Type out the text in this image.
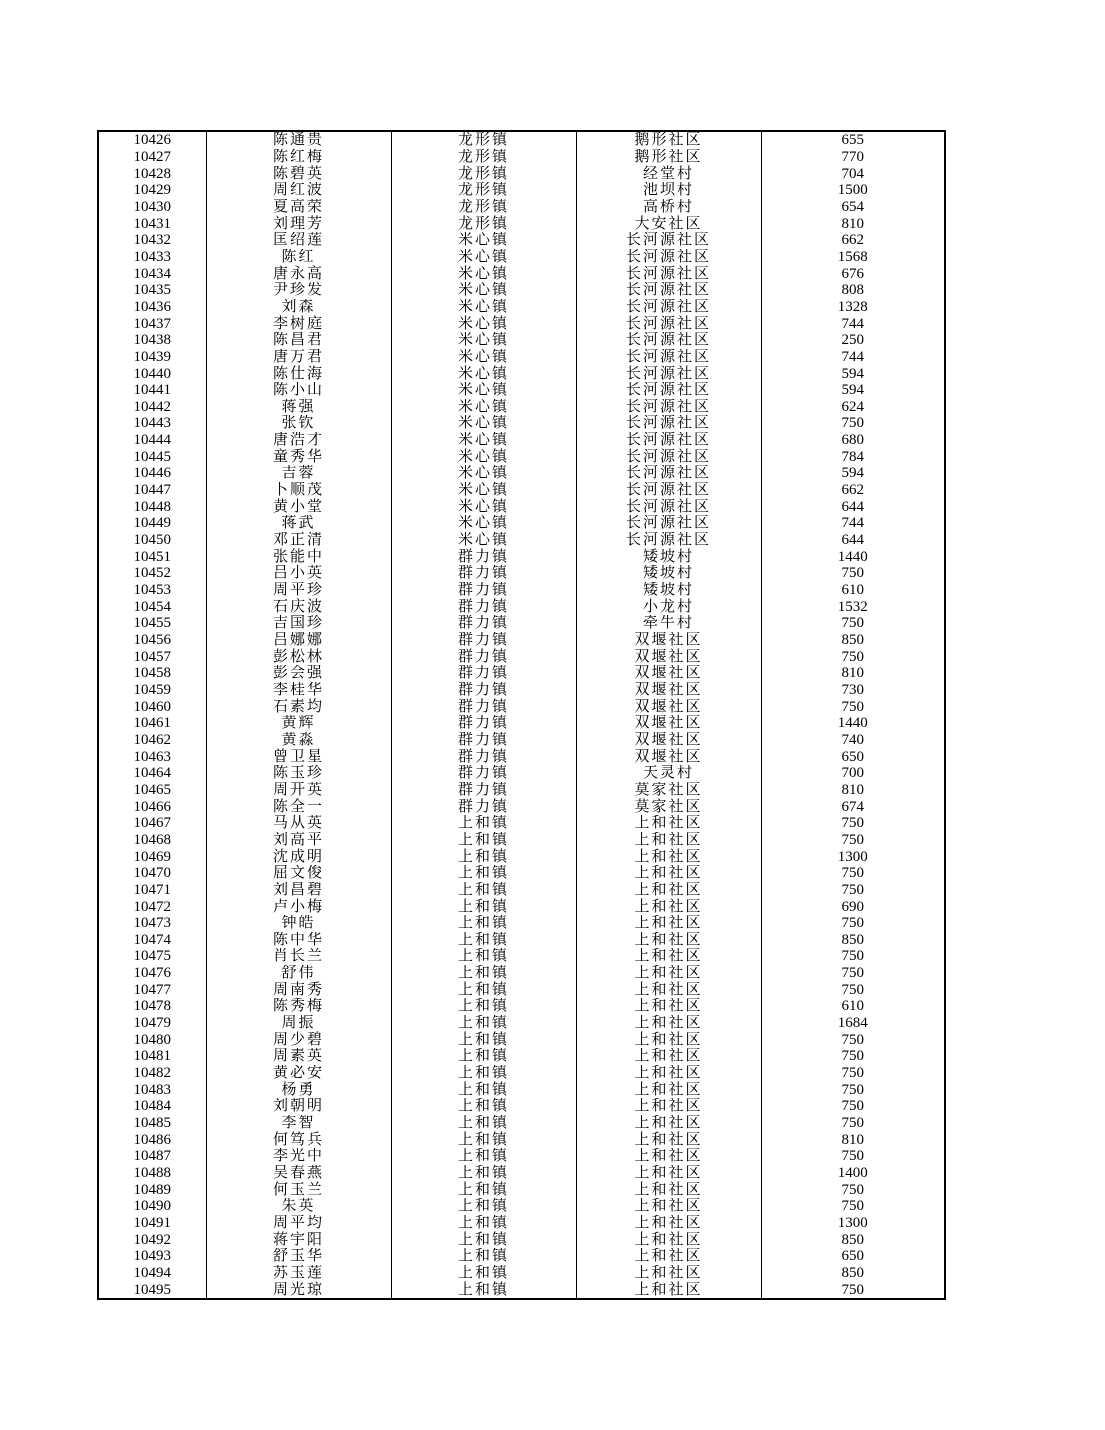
10426	陈通贵	龙形镇	鹅形社区	655
10427	陈红梅	龙形镇	鹅形社区	770
10428	陈碧英	龙形镇	经堂村	704
10429	周红波	龙形镇	池坝村	1500
10430	夏高荣	龙形镇	高桥村	654
10431	刘理芳	龙形镇	大安社区	810
10432	匡绍莲	米心镇	长河源社区	662
10433	陈红	米心镇	长河源社区	1568
10434	唐永高	米心镇	长河源社区	676
10435	尹珍发	米心镇	长河源社区	808
10436	刘森	米心镇	长河源社区	1328
10437	李树庭	米心镇	长河源社区	744
10438	陈昌君	米心镇	长河源社区	250
10439	唐万君	米心镇	长河源社区	744
10440	陈仕海	米心镇	长河源社区	594
10441	陈小山	米心镇	长河源社区	594
10442	蒋强	米心镇	长河源社区	624
10443	张钦	米心镇	长河源社区	750
10444	唐浩才	米心镇	长河源社区	680
10445	童秀华	米心镇	长河源社区	784
10446	吉蓉	米心镇	长河源社区	594
10447	卜顺茂	米心镇	长河源社区	662
10448	黄小堂	米心镇	长河源社区	644
10449	蒋武	米心镇	长河源社区	744
10450	邓正清	米心镇	长河源社区	644
10451	张能中	群力镇	矮坡村	1440
10452	吕小英	群力镇	矮坡村	750
10453	周平珍	群力镇	矮坡村	610
10454	石庆波	群力镇	小龙村	1532
10455	吉国珍	群力镇	牵牛村	750
10456	吕娜娜	群力镇	双堰社区	850
10457	彭松林	群力镇	双堰社区	750
10458	彭会强	群力镇	双堰社区	810
10459	李桂华	群力镇	双堰社区	730
10460	石素均	群力镇	双堰社区	750
10461	黄辉	群力镇	双堰社区	1440
10462	黄淼	群力镇	双堰社区	740
10463	曾卫星	群力镇	双堰社区	650
10464	陈玉珍	群力镇	天灵村	700
10465	周开英	群力镇	莫家社区	810
10466	陈全一	群力镇	莫家社区	674
10467	马从英	上和镇	上和社区	750
10468	刘高平	上和镇	上和社区	750
10469	沈成明	上和镇	上和社区	1300
10470	屈文俊	上和镇	上和社区	750
10471	刘昌碧	上和镇	上和社区	750
10472	卢小梅	上和镇	上和社区	690
10473	钟皓	上和镇	上和社区	750
10474	陈中华	上和镇	上和社区	850
10475	肖长兰	上和镇	上和社区	750
10476	舒伟	上和镇	上和社区	750
10477	周南秀	上和镇	上和社区	750
10478	陈秀梅	上和镇	上和社区	610
10479	周振	上和镇	上和社区	1684
10480	周少碧	上和镇	上和社区	750
10481	周素英	上和镇	上和社区	750
10482	黄必安	上和镇	上和社区	750
10483	杨勇	上和镇	上和社区	750
10484	刘朝明	上和镇	上和社区	750
10485	李智	上和镇	上和社区	750
10486	何笃兵	上和镇	上和社区	810
10487	李光中	上和镇	上和社区	750
10488	吴春燕	上和镇	上和社区	1400
10489	何玉兰	上和镇	上和社区	750
10490	朱英	上和镇	上和社区	750
10491	周平均	上和镇	上和社区	1300
10492	蒋宇阳	上和镇	上和社区	850
10493	舒玉华	上和镇	上和社区	650
10494	苏玉莲	上和镇	上和社区	850
10495	周光琼	上和镇	上和社区	750
